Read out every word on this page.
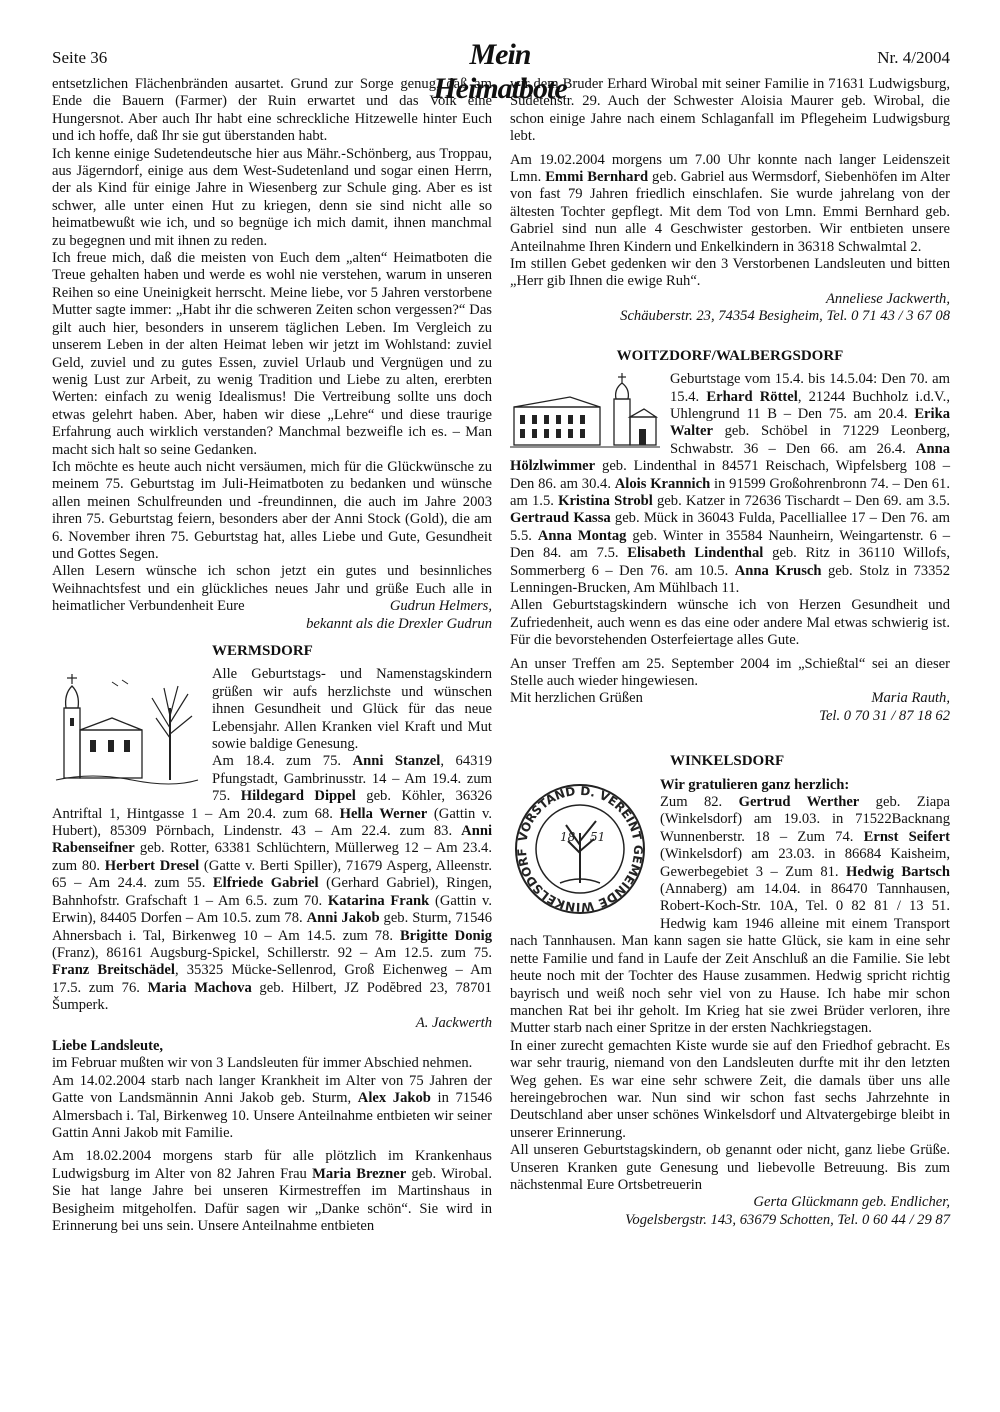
Seite 36	Mein Heimatbote
Nr. 4/2004

entsetzlichen Flächenbränden ausartet. Grund zur Sorge genug, daß am Ende die Bauern (Farmer) der Ruin erwartet und das Volk eine Hungersnot. Aber auch Ihr habt eine schreckliche Hitzewelle hinter Euch und ich hoffe, daß Ihr sie gut überstanden habt.

Ich kenne einige Sudetendeutsche hier aus Mähr.-Schönberg, aus Troppau, aus Jägerndorf, einige aus dem West-Sudetenland und sogar einen Herrn, der als Kind für einige Jahre in Wiesenberg zur Schule ging. Aber es ist schwer, alle unter einen Hut zu kriegen, denn sie sind nicht alle so heimatbewußt wie ich, und so begnüge ich mich damit, ihnen manchmal zu begegnen und mit ihnen zu reden.

Ich freue mich, daß die meisten von Euch dem „alten“ Heimatboten die Treue gehalten haben und werde es wohl nie verstehen, warum in unseren Reihen so eine Uneinigkeit herrscht. Meine liebe, vor 5 Jahren verstorbene Mutter sagte immer: „Habt ihr die schweren Zeiten schon vergessen?“ Das gilt auch hier, besonders in unserem täglichen Leben. Im Vergleich zu unserem Leben in der alten Heimat leben wir jetzt im Wohlstand: zuviel Geld, zuviel und zu gutes Essen, zuviel Urlaub und Vergnügen und zu wenig Lust zur Arbeit, zu wenig Tradition und Liebe zu alten, ererbten Werten: einfach zu wenig Idealismus! Die Vertreibung sollte uns doch etwas gelehrt haben. Aber, haben wir diese „Lehre“ und diese traurige Erfahrung auch wirklich verstanden? Manchmal bezweifle ich es. – Man macht sich halt so seine Gedanken.

Ich möchte es heute auch nicht versäumen, mich für die Glückwünsche zu meinem 75. Geburtstag im Juli-Heimatboten zu bedanken und wünsche allen meinen Schulfreunden und -freundinnen, die auch im Jahre 2003 ihren 75. Geburtstag feiern, besonders aber der Anni Stock (Gold), die am 6. November ihren 75. Geburtstag hat, alles Liebe und Gute, Gesundheit und Gottes Segen.

Allen Lesern wünsche ich schon jetzt ein gutes und besinnliches Weihnachtsfest und ein glückliches neues Jahr und grüße Euch alle in heimatlicher Verbundenheit Eure	Gudrun Helmers,

bekannt als die Drexler Gudrun

WERMSDORF

Alle Geburtstags- und Namenstagskindern grüßen wir aufs herzlichste und wünschen ihnen Gesundheit und Glück für das neue Lebensjahr. Allen Kranken viel Kraft und Mut sowie baldige Genesung.

Am 18.4. zum 75. Anni Stanzel, 64319 Pfungstadt, Gambrinusstr. 14 – Am 19.4. zum 75. Hildegard Dippel geb. Köhler, 36326 Antriftal 1, Hintgasse 1 – Am 20.4. zum 68. Hella Werner (Gattin v. Hubert), 85309 Pörnbach, Lindenstr. 43 – Am 22.4. zum 83. Anni Rabenseifner geb. Rotter, 63381 Schlüchtern, Müllerweg 12 – Am 23.4. zum 80. Herbert Dresel (Gatte v. Berti Spiller), 71679 Asperg, Alleenstr. 65 – Am 24.4. zum 55. Elfriede Gabriel (Gerhard Gabriel), Ringen, Bahnhofstr. Grafschaft 1 – Am 6.5. zum 70. Katarina Frank (Gattin v. Erwin), 84405 Dorfen – Am 10.5. zum 78. Anni Jakob geb. Sturm, 71546 Ahnersbach i. Tal, Birkenweg 10 – Am 14.5. zum 78. Brigitte Donig (Franz), 86161 Augsburg-Spickel, Schillerstr. 92 – Am 12.5. zum 75. Franz Breitschädel, 35325 Mücke-Sellenrod, Groß Eichenweg – Am 17.5. zum 76. Maria Machova geb. Hilbert, JZ Podĕbred 23, 78701 Šumperk.

A. Jackwerth

Liebe Landsleute,

im Februar mußten wir von 3 Landsleuten für immer Abschied nehmen.

Am 14.02.2004 starb nach langer Krankheit im Alter von 75 Jahren der Gatte von Landsmännin Anni Jakob geb. Sturm, Alex Jakob in 71546 Almersbach i. Tal, Birkenweg 10. Unsere Anteilnahme entbieten wir seiner Gattin Anni Jakob mit Familie.

Am 18.02.2004 morgens starb für alle plötzlich im Krankenhaus Ludwigsburg im Alter von 82 Jahren Frau Maria Brezner geb. Wirobal. Sie hat lange Jahre bei unseren Kirmestreffen im Martinshaus in Besigheim mitgeholfen. Dafür sagen wir „Danke schön“. Sie wird in Erinnerung bei uns sein. Unsere Anteilnahme entbieten

wir dem Bruder Erhard Wirobal mit seiner Familie in 71631 Ludwigsburg, Sudetenstr. 29. Auch der Schwester Aloisia Maurer geb. Wirobal, die schon einige Jahre nach einem Schlaganfall im Pflegeheim Ludwigsburg lebt.

Am 19.02.2004 morgens um 7.00 Uhr konnte nach langer Leidenszeit Lmn. Emmi Bernhard geb. Gabriel aus Wermsdorf, Siebenhöfen im Alter von fast 79 Jahren friedlich einschlafen. Sie wurde jahrelang von der ältesten Tochter gepflegt. Mit dem Tod von Lmn. Emmi Bernhard geb. Gabriel sind nun alle 4 Geschwister gestorben. Wir entbieten unsere Anteilnahme Ihren Kindern und Enkelkindern in 36318 Schwalmtal 2.

Im stillen Gebet gedenken wir den 3 Verstorbenen Landsleuten und bitten „Herr gib Ihnen die ewige Ruh“.

Anneliese Jackwerth,

Schäuberstr. 23, 74354 Besigheim, Tel. 0 71 43 / 3 67 08

WOITZDORF/WALBERGSDORF

Geburtstage vom 15.4. bis 14.5.04: Den 70. am 15.4. Erhard Röttel, 21244 Buchholz i.d.V., Uhlengrund 11 B – Den 75. am 20.4. Erika Walter geb. Schöbel in 71229 Leonberg, Schwabstr. 36 – Den 66. am 26.4. Anna Hölzlwimmer geb. Lindenthal in 84571 Reischach, Wipfelsberg 108 – Den 86. am 30.4. Alois Krannich in 91599 Großohrenbronn 74. – Den 61. am 1.5. Kristina Strobl geb. Katzer in 72636 Tischardt – Den 69. am 3.5. Gertraud Kassa geb. Mück in 36043 Fulda, Pacelliallee 17 – Den 76. am 5.5. Anna Montag geb. Winter in 35584 Naunheirn, Weingartenstr. 6 – Den 84. am 7.5. Elisabeth Lindenthal geb. Ritz in 36110 Willofs, Sommerberg 6 – Den 76. am 10.5. Anna Krusch geb. Stolz in 73352 Lenningen-Brucken, Am Mühlbach 11.

Allen Geburtstagskindern wünsche ich von Herzen Gesundheit und Zufriedenheit, auch wenn es das eine oder andere Mal etwas schwierig ist. Für die bevorstehenden Osterfeiertage alles Gute.

An unser Treffen am 25. September 2004 im „Schießtal“ sei an dieser Stelle auch wieder hingewiesen.

Mit herzlichen Grüßen	Maria Rauth,

Tel. 0 70 31 / 87 18 62

WINKELSDORF
VORSTAND D. VEREINT GEMEINDE WINKELSDORF
18 51

Wir gratulieren ganz herzlich:

Zum 82. Gertrud Werther geb. Ziapa (Winkelsdorf) am 19.03. in 71522Backnang Wunnenberstr. 18 – Zum 74. Ernst Seifert (Winkelsdorf) am 23.03. in 86684 Kaisheim, Gewerbegebiet 3 – Zum 81. Hedwig Bartsch (Annaberg) am 14.04. in 86470 Tannhausen, Robert-Koch-Str. 10A, Tel. 0 82 81 / 13 51. Hedwig kam 1946 alleine mit einem Transport nach Tannhausen. Man kann sagen sie hatte Glück, sie kam in eine sehr nette Familie und fand in Laufe der Zeit Anschluß an die Familie. Sie lebt heute noch mit der Tochter des Hause zusammen. Hedwig spricht richtig bayrisch und weiß noch sehr viel von zu Hause. Ich habe mir schon manchen Rat bei ihr geholt. Im Krieg hat sie zwei Brüder verloren, ihre Mutter starb nach einer Spritze in der ersten Nachkriegstagen.

In einer zurecht gemachten Kiste wurde sie auf den Friedhof gebracht. Es war sehr traurig, niemand von den Landsleuten durfte mit ihr den letzten Weg gehen. Es war eine sehr schwere Zeit, die damals über uns alle hereingebrochen war. Nun sind wir schon fast sechs Jahrzehnte in Deutschland aber unser schönes Winkelsdorf und Altvatergebirge bleibt in unserer Erinnerung.

All unseren Geburtstagskindern, ob genannt oder nicht, ganz liebe Grüße. Unseren Kranken gute Genesung und liebevolle Betreuung. Bis zum nächstenmal Eure Ortsbetreuerin

Gerta Glückmann geb. Endlicher,

Vogelsbergstr. 143, 63679 Schotten, Tel. 0 60 44 / 29 87
